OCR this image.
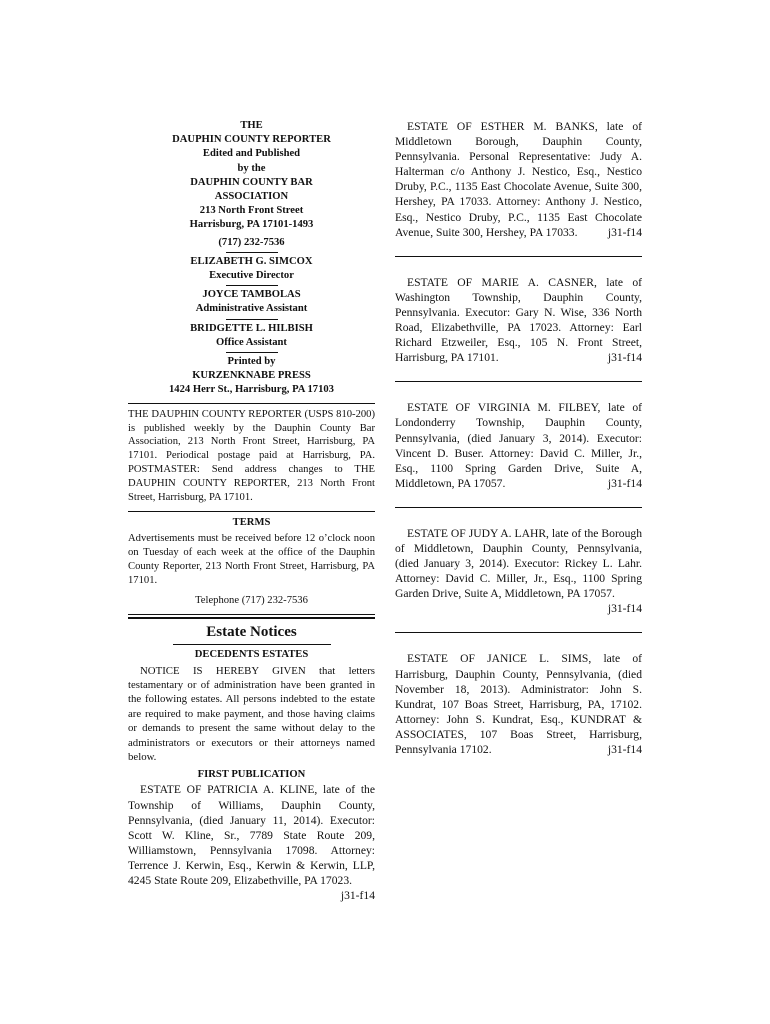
THE
DAUPHIN COUNTY REPORTER
Edited and Published
by the
DAUPHIN COUNTY BAR
ASSOCIATION
213 North Front Street
Harrisburg, PA 17101-1493
(717) 232-7536
ELIZABETH G. SIMCOX
Executive Director
JOYCE TAMBOLAS
Administrative Assistant
BRIDGETTE L. HILBISH
Office Assistant
Printed by
KURZENKNABE PRESS
1424 Herr St., Harrisburg, PA 17103

THE DAUPHIN COUNTY REPORTER (USPS 810-200) is published weekly by the Dauphin County Bar Association, 213 North Front Street, Harrisburg, PA 17101. Periodical postage paid at Harrisburg, PA. POSTMASTER: Send address changes to THE DAUPHIN COUNTY REPORTER, 213 North Front Street, Harrisburg, PA 17101.

TERMS

Advertisements must be received before 12 o’clock noon on Tuesday of each week at the office of the Dauphin County Reporter, 213 North Front Street, Harrisburg, PA 17101.

Telephone (717) 232-7536
Estate Notices
DECEDENTS ESTATES

NOTICE IS HEREBY GIVEN that letters testamentary or of administration have been granted in the following estates. All persons indebted to the estate are required to make payment, and those having claims or demands to present the same without delay to the administrators or executors or their attorneys named below.

FIRST PUBLICATION

ESTATE OF PATRICIA A. KLINE, late of the Township of Williams, Dauphin County, Pennsylvania, (died January 11, 2014). Executor: Scott W. Kline, Sr., 7789 State Route 209, Williamstown, Pennsylvania 17098. Attorney: Terrence J. Kerwin, Esq., Kerwin & Kerwin, LLP, 4245 State Route 209, Elizabethville, PA 17023.
j31-f14

ESTATE OF ESTHER M. BANKS, late of Middletown Borough, Dauphin County, Pennsylvania. Personal Representative: Judy A. Halterman c/o Anthony J. Nestico, Esq., Nestico Druby, P.C., 1135 East Chocolate Avenue, Suite 300, Hershey, PA 17033. Attorney: Anthony J. Nestico, Esq., Nestico Druby, P.C., 1135 East Chocolate Avenue, Suite 300, Hershey, PA 17033.	j31-f14

ESTATE OF MARIE A. CASNER, late of Washington Township, Dauphin County, Pennsylvania. Executor: Gary N. Wise, 336 North Road, Elizabethville, PA 17023. Attorney: Earl Richard Etzweiler, Esq., 105 N. Front Street, Harrisburg, PA 17101.	j31-f14

ESTATE OF VIRGINIA M. FILBEY, late of Londonderry Township, Dauphin County, Pennsylvania, (died January 3, 2014). Executor: Vincent D. Buser. Attorney: David C. Miller, Jr., Esq., 1100 Spring Garden Drive, Suite A, Middletown, PA 17057.	j31-f14

ESTATE OF JUDY A. LAHR, late of the Borough of Middletown, Dauphin County, Pennsylvania, (died January 3, 2014). Executor: Rickey L. Lahr. Attorney: David C. Miller, Jr., Esq., 1100 Spring Garden Drive, Suite A, Middletown, PA 17057.
j31-f14

ESTATE OF JANICE L. SIMS, late of Harrisburg, Dauphin County, Pennsylvania, (died November 18, 2013). Administrator: John S. Kundrat, 107 Boas Street, Harrisburg, PA, 17102. Attorney: John S. Kundrat, Esq., KUNDRAT & ASSOCIATES, 107 Boas Street, Harrisburg, Pennsylvania 17102.	j31-f14
